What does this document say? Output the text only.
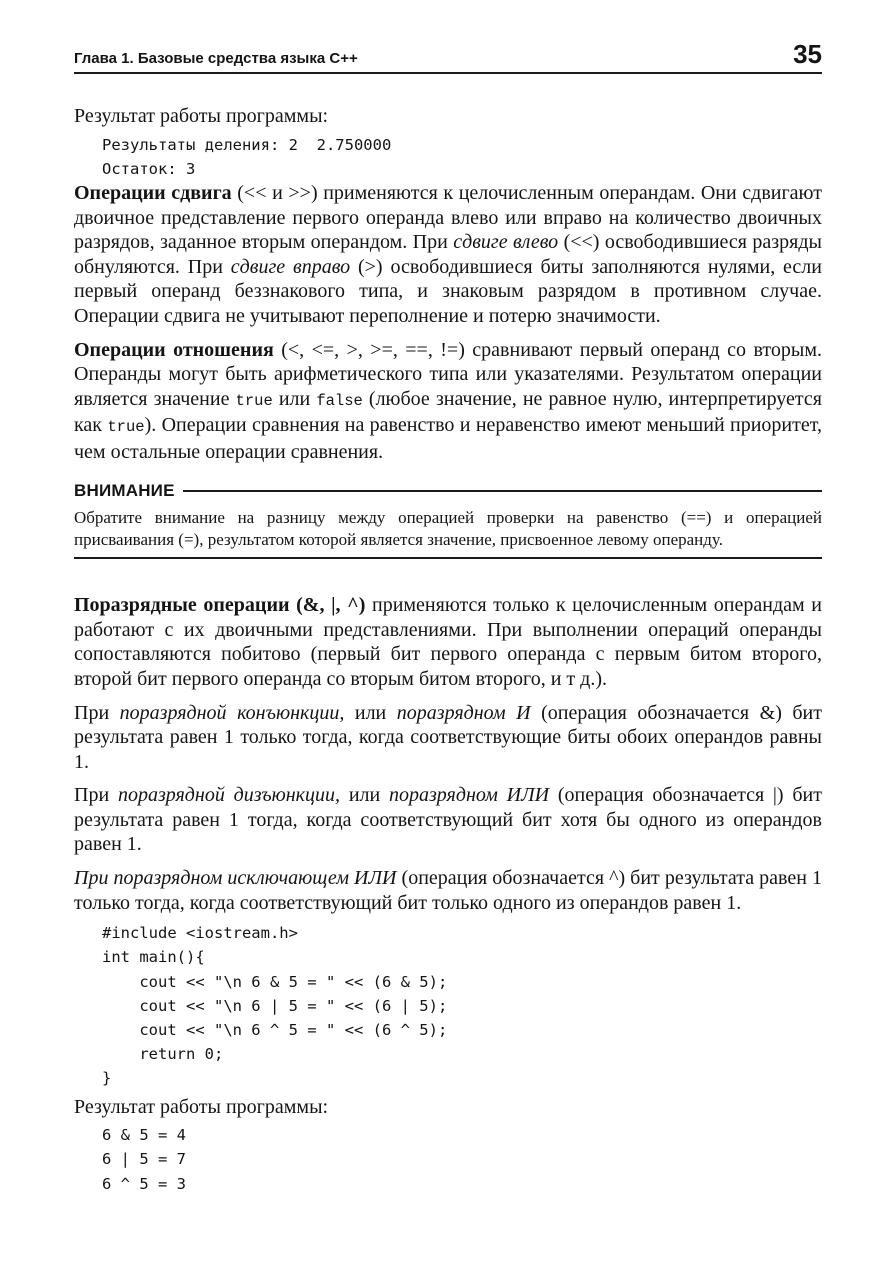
Глава 1. Базовые средства языка C++	35

Результат работы программы:

Результаты деления: 2  2.750000
Остаток: 3

Операции сдвига (<< и >>) применяются к целочисленным операндам. Они сдвигают двоичное представление первого операнда влево или вправо на количество двоичных разрядов, заданное вторым операндом. При сдвиге влево (<<) освободившиеся разряды обнуляются. При сдвиге вправо (>) освободившиеся биты заполняются нулями, если первый операнд беззнакового типа, и знаковым разрядом в противном случае. Операции сдвига не учитывают переполнение и потерю значимости.

Операции отношения (<, <=, >, >=, ==, !=) сравнивают первый операнд со вторым. Операнды могут быть арифметического типа или указателями. Результатом операции является значение true или false (любое значение, не равное нулю, интерпретируется как true). Операции сравнения на равенство и неравенство имеют меньший приоритет, чем остальные операции сравнения.

ВНИМАНИЕ
Обратите внимание на разницу между операцией проверки на равенство (==) и операцией присваивания (=), результатом которой является значение, присвоенное левому операнду.

Поразрядные операции (&, |, ^) применяются только к целочисленным операндам и работают с их двоичными представлениями. При выполнении операций операнды сопоставляются побитово (первый бит первого операнда с первым битом второго, второй бит первого операнда со вторым битом второго, и т д.).

При поразрядной конъюнкции, или поразрядном И (операция обозначается &) бит результата равен 1 только тогда, когда соответствующие биты обоих операндов равны 1.

При поразрядной дизъюнкции, или поразрядном ИЛИ (операция обозначается |) бит результата равен 1 тогда, когда соответствующий бит хотя бы одного из операндов равен 1.

При поразрядном исключающем ИЛИ (операция обозначается ^) бит результата равен 1 только тогда, когда соответствующий бит только одного из операндов равен 1.

#include <iostream.h>
int main(){
cout << "\n 6 & 5 = " << (6 & 5);
cout << "\n 6 | 5 = " << (6 | 5);
cout << "\n 6 ^ 5 = " << (6 ^ 5);
return 0;
}

Результат работы программы:

6 & 5 = 4
6 | 5 = 7
6 ^ 5 = 3
